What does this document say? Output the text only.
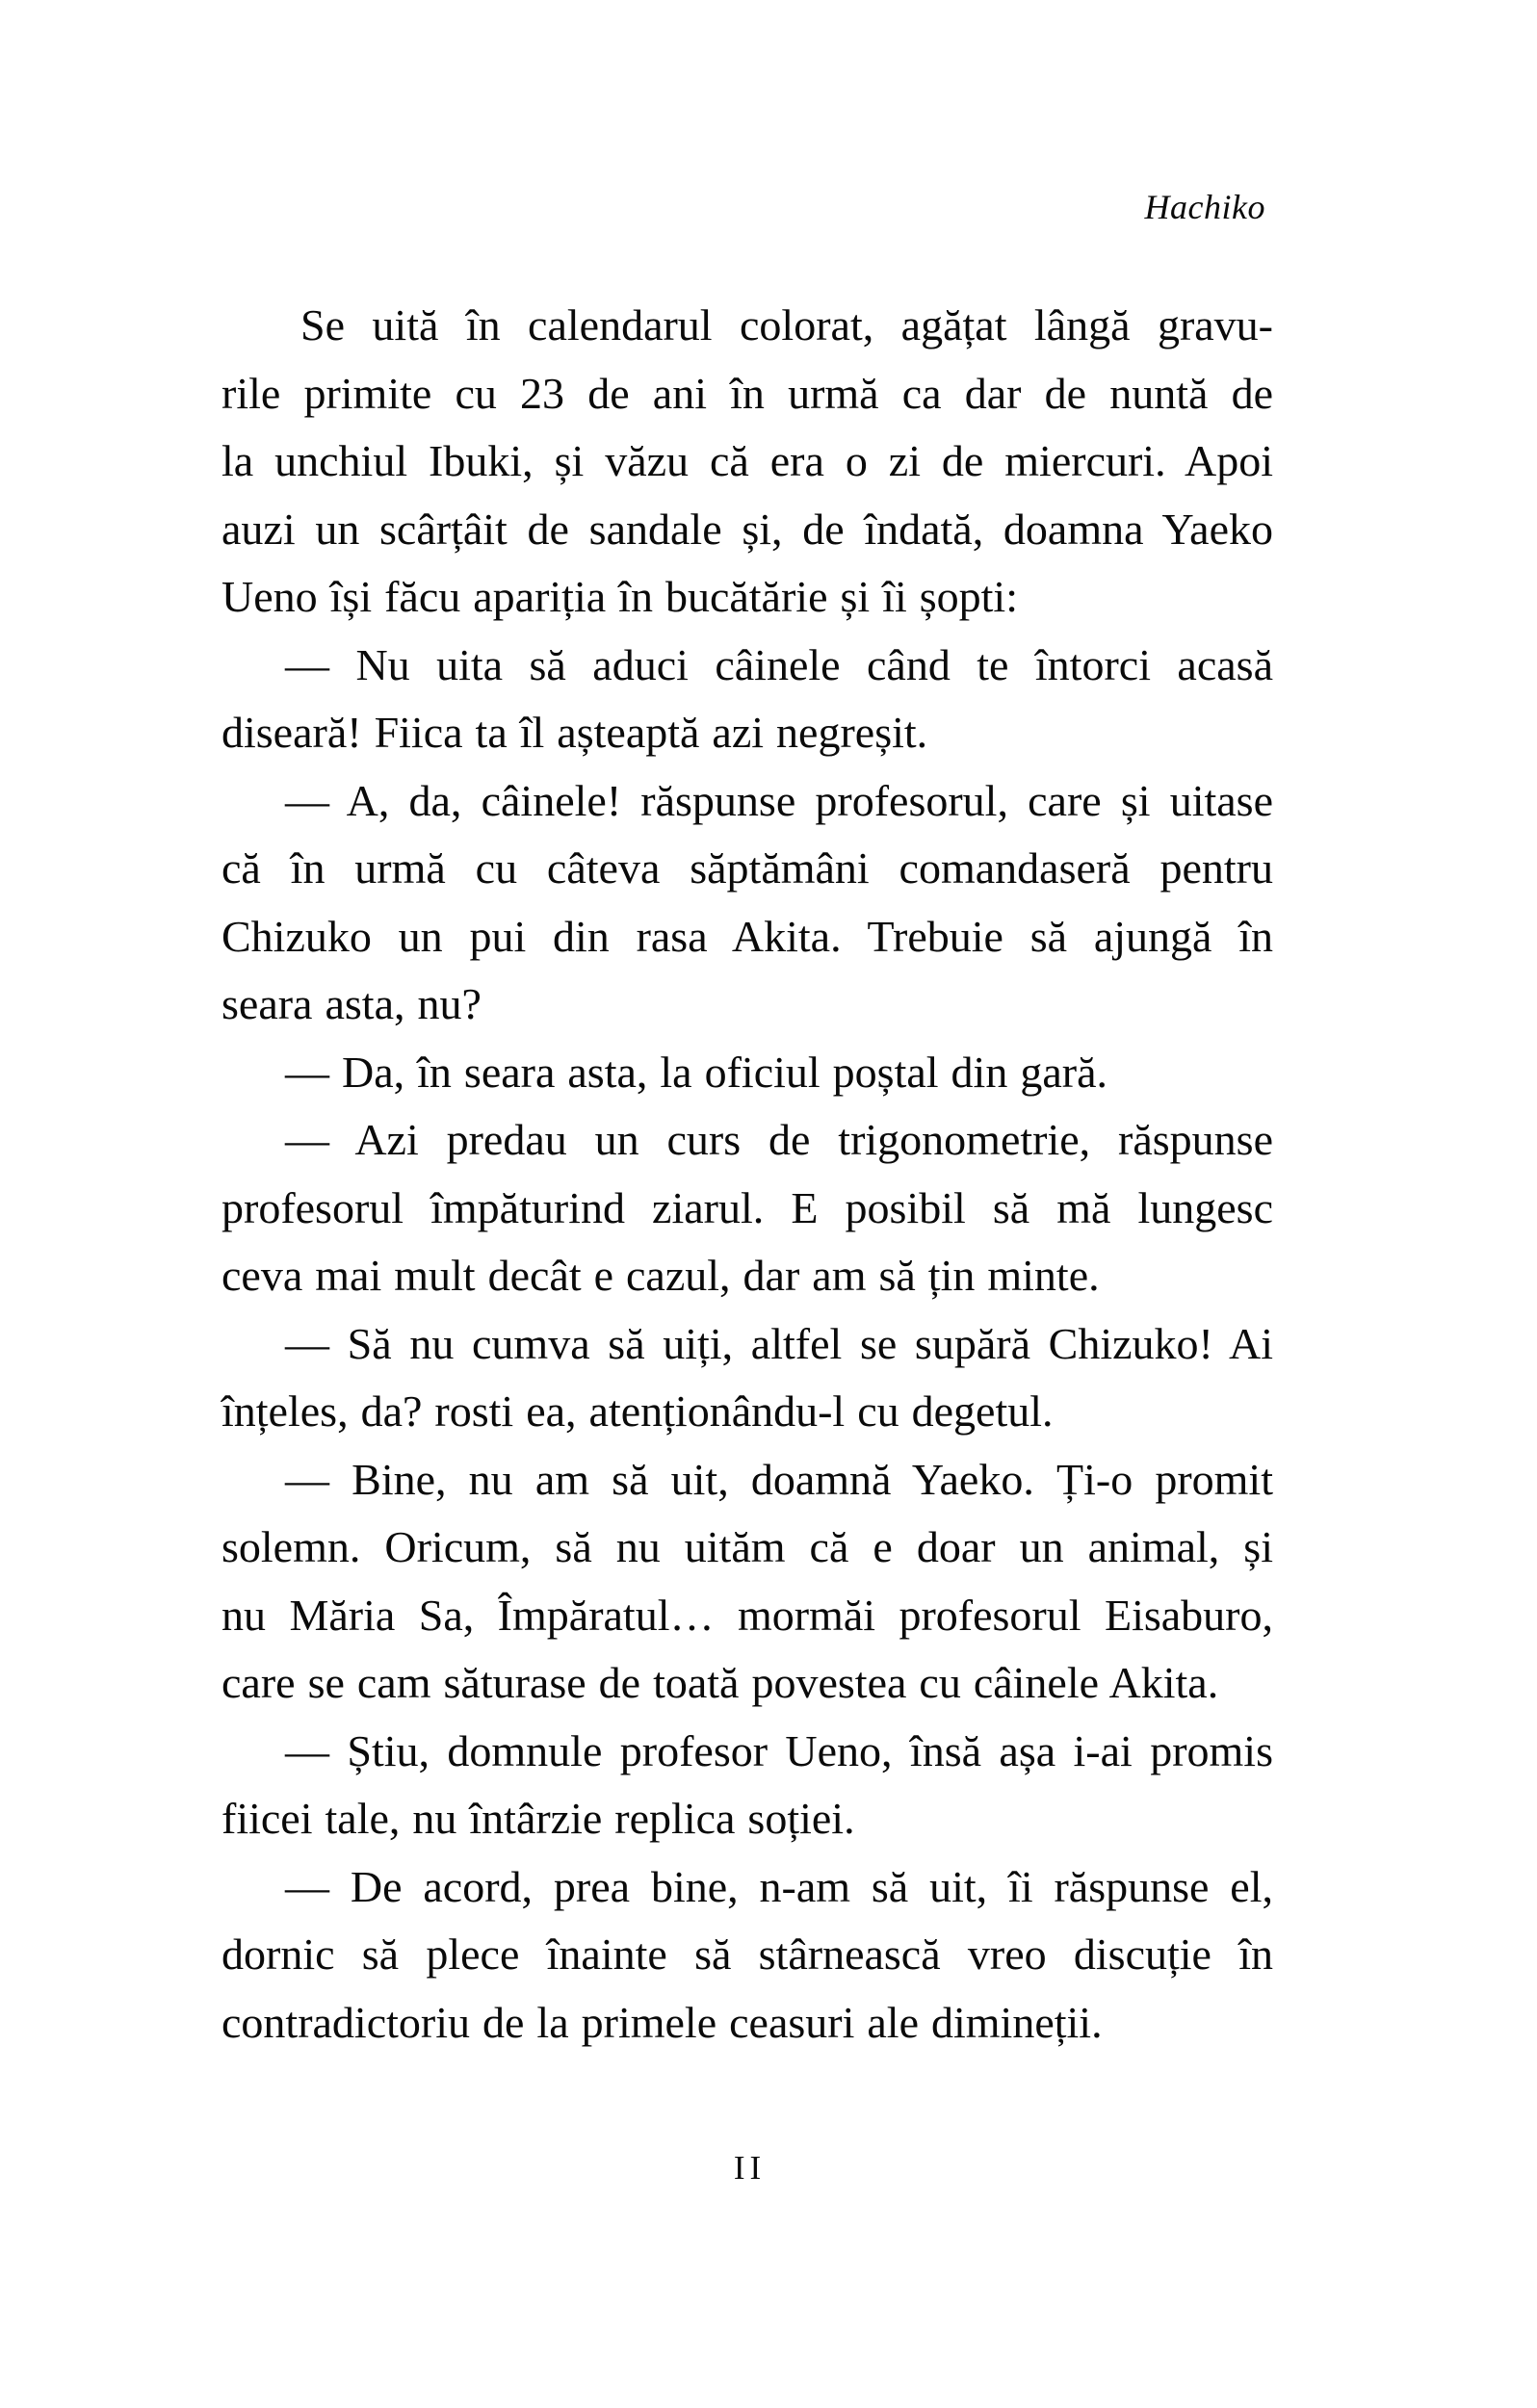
Hachiko
Se uită în calendarul colorat, agățat lângă gravu-
rile primite cu 23 de ani în urmă ca dar de nuntă de
la unchiul Ibuki, și văzu că era o zi de miercuri. Apoi
auzi un scârțâit de sandale și, de îndată, doamna Yaeko
Ueno își făcu apariția în bucătărie și îi șopti:
— Nu uita să aduci câinele când te întorci acasă
diseară! Fiica ta îl așteaptă azi negreșit.
— A, da, câinele! răspunse profesorul, care și uitase
că în urmă cu câteva săptămâni comandaseră pentru
Chizuko un pui din rasa Akita. Trebuie să ajungă în
seara asta, nu?
— Da, în seara asta, la oficiul poștal din gară.
— Azi predau un curs de trigonometrie, răspunse
profesorul împăturind ziarul. E posibil să mă lungesc
ceva mai mult decât e cazul, dar am să țin minte.
— Să nu cumva să uiți, altfel se supără Chizuko! Ai
înțeles, da? rosti ea, atenționându-l cu degetul.
— Bine, nu am să uit, doamnă Yaeko. Ți-o promit
solemn. Oricum, să nu uităm că e doar un animal, și
nu Măria Sa, Împăratul… mormăi profesorul Eisaburo,
care se cam săturase de toată povestea cu câinele Akita.
— Știu, domnule profesor Ueno, însă așa i-ai promis
fiicei tale, nu întârzie replica soției.
— De acord, prea bine, n-am să uit, îi răspunse el,
dornic să plece înainte să stârnească vreo discuție în
contradictoriu de la primele ceasuri ale dimineții.
II
